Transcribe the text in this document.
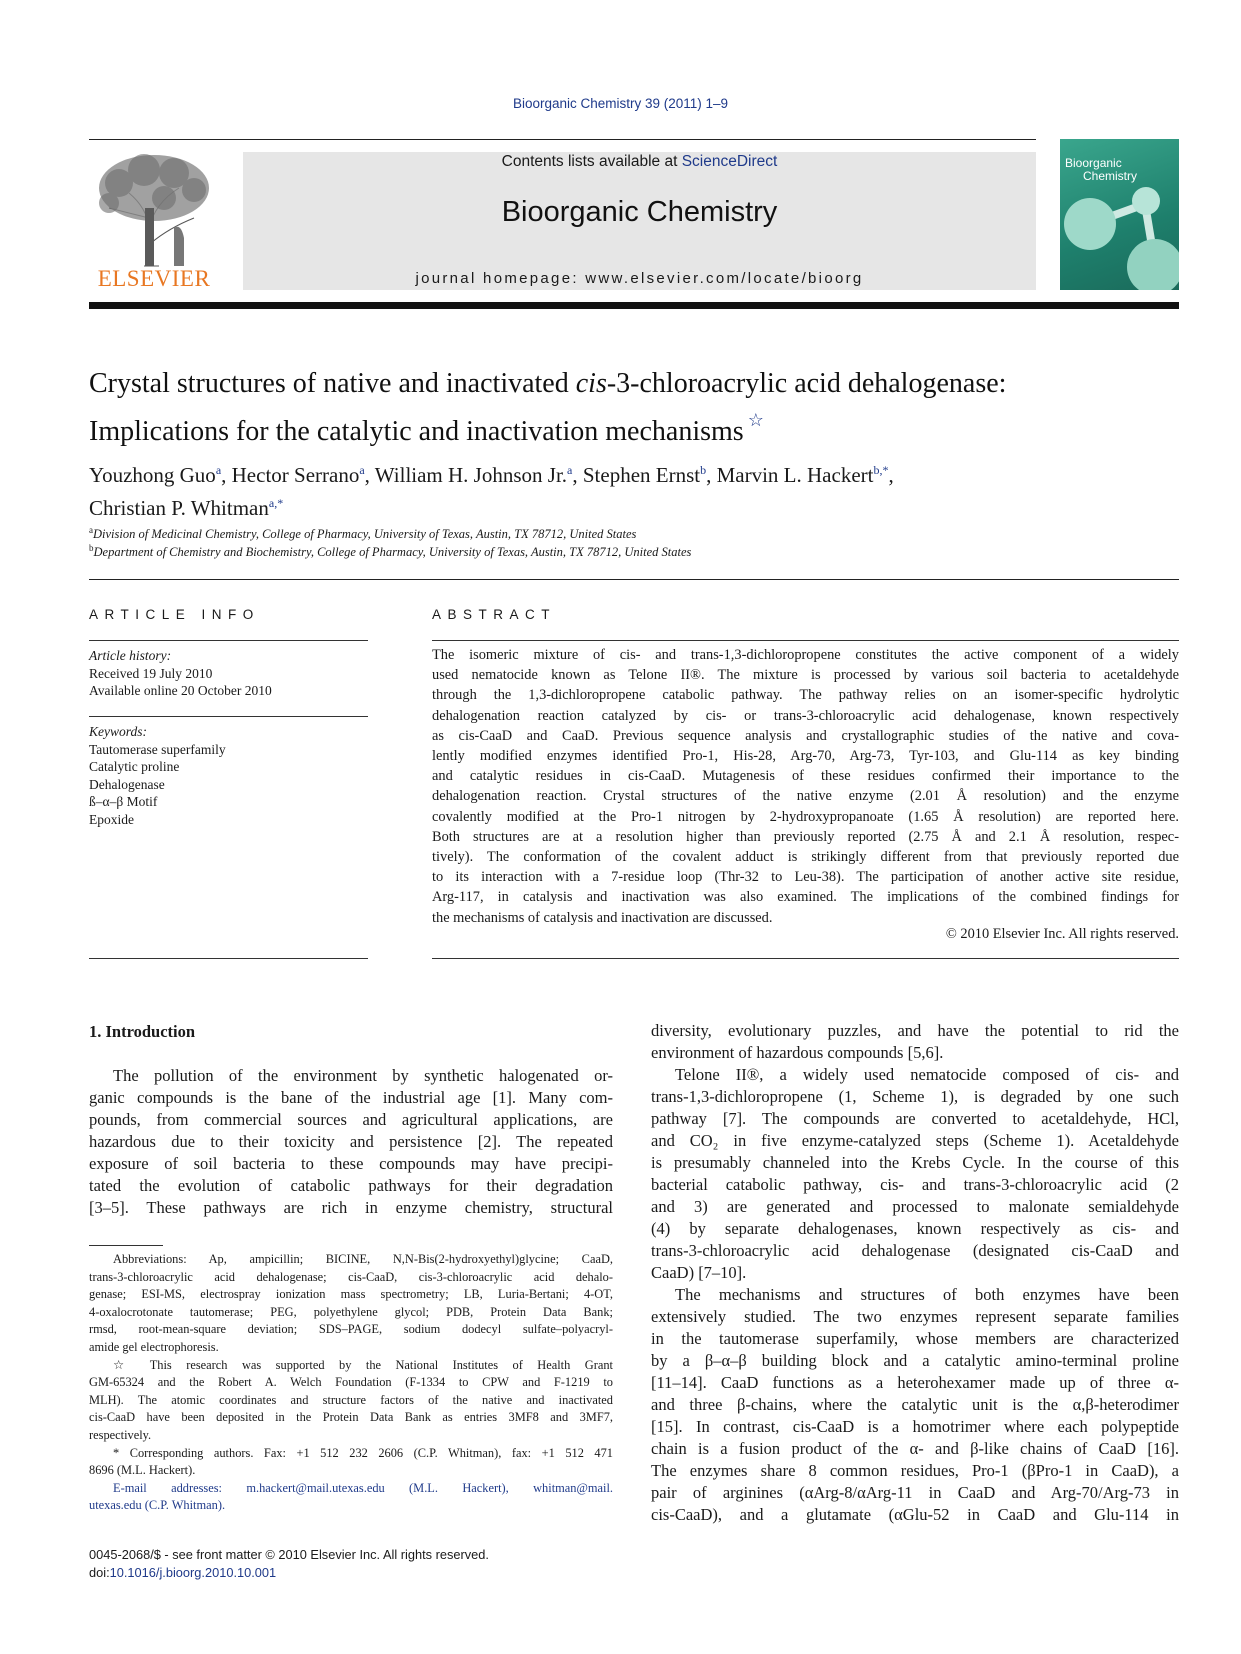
Bioorganic Chemistry 39 (2011) 1–9
ELSEVIER
Contents lists available at ScienceDirect
Bioorganic Chemistry
journal homepage: www.elsevier.com/locate/bioorg
Bioorganic
Chemistry
Crystal structures of native and inactivated cis-3-chloroacrylic acid dehalogenase:
Implications for the catalytic and inactivation mechanisms ☆
Youzhong Guo$^a$, Hector Serrano$^a$, William H. Johnson Jr.$^a$, Stephen Ernst$^b$, Marvin L. Hackert$^{b,*}$,
Christian P. Whitman$^{a,*}$
$^a$Division of Medicinal Chemistry, College of Pharmacy, University of Texas, Austin, TX 78712, United States
$^b$Department of Chemistry and Biochemistry, College of Pharmacy, University of Texas, Austin, TX 78712, United States
ARTICLE INFO
Article history:
Received 19 July 2010
Available online 20 October 2010
Keywords:
Tautomerase superfamily
Catalytic proline
Dehalogenase
ß–α–β Motif
Epoxide
ABSTRACT
The isomeric mixture of cis- and trans-1,3-dichloropropene constitutes the active component of a widely
used nematocide known as Telone II®. The mixture is processed by various soil bacteria to acetaldehyde
through the 1,3-dichloropropene catabolic pathway. The pathway relies on an isomer-specific hydrolytic
dehalogenation reaction catalyzed by cis- or trans-3-chloroacrylic acid dehalogenase, known respectively
as cis-CaaD and CaaD. Previous sequence analysis and crystallographic studies of the native and cova-
lently modified enzymes identified Pro-1, His-28, Arg-70, Arg-73, Tyr-103, and Glu-114 as key binding
and catalytic residues in cis-CaaD. Mutagenesis of these residues confirmed their importance to the
dehalogenation reaction. Crystal structures of the native enzyme (2.01 Å resolution) and the enzyme
covalently modified at the Pro-1 nitrogen by 2-hydroxypropanoate (1.65 Å resolution) are reported here.
Both structures are at a resolution higher than previously reported (2.75 Å and 2.1 Å resolution, respec-
tively). The conformation of the covalent adduct is strikingly different from that previously reported due
to its interaction with a 7-residue loop (Thr-32 to Leu-38). The participation of another active site residue,
Arg-117, in catalysis and inactivation was also examined. The implications of the combined findings for
the mechanisms of catalysis and inactivation are discussed.
© 2010 Elsevier Inc. All rights reserved.
1. Introduction
The pollution of the environment by synthetic halogenated or-
ganic compounds is the bane of the industrial age [1]. Many com-
pounds, from commercial sources and agricultural applications, are
hazardous due to their toxicity and persistence [2]. The repeated
exposure of soil bacteria to these compounds may have precipi-
tated the evolution of catabolic pathways for their degradation
[3–5]. These pathways are rich in enzyme chemistry, structural
diversity, evolutionary puzzles, and have the potential to rid the
environment of hazardous compounds [5,6].
Telone II®, a widely used nematocide composed of cis- and
trans-1,3-dichloropropene (1, Scheme 1), is degraded by one such
pathway [7]. The compounds are converted to acetaldehyde, HCl,
and CO₂ in five enzyme-catalyzed steps (Scheme 1). Acetaldehyde
is presumably channeled into the Krebs Cycle. In the course of this
bacterial catabolic pathway, cis- and trans-3-chloroacrylic acid (2
and 3) are generated and processed to malonate semialdehyde
(4) by separate dehalogenases, known respectively as cis- and
trans-3-chloroacrylic acid dehalogenase (designated cis-CaaD and
CaaD) [7–10].
The mechanisms and structures of both enzymes have been
extensively studied. The two enzymes represent separate families
in the tautomerase superfamily, whose members are characterized
by a β–α–β building block and a catalytic amino-terminal proline
[11–14]. CaaD functions as a heterohexamer made up of three α-
and three β-chains, where the catalytic unit is the α,β-heterodimer
[15]. In contrast, cis-CaaD is a homotrimer where each polypeptide
chain is a fusion product of the α- and β-like chains of CaaD [16].
The enzymes share 8 common residues, Pro-1 (βPro-1 in CaaD), a
pair of arginines (αArg-8/αArg-11 in CaaD and Arg-70/Arg-73 in
cis-CaaD), and a glutamate (αGlu-52 in CaaD and Glu-114 in
Abbreviations: Ap, ampicillin; BICINE, N,N-Bis(2-hydroxyethyl)glycine; CaaD,
trans-3-chloroacrylic acid dehalogenase; cis-CaaD, cis-3-chloroacrylic acid dehalo-
genase; ESI-MS, electrospray ionization mass spectrometry; LB, Luria-Bertani; 4-OT,
4-oxalocrotonate tautomerase; PEG, polyethylene glycol; PDB, Protein Data Bank;
rmsd, root-mean-square deviation; SDS–PAGE, sodium dodecyl sulfate–polyacryl-
amide gel electrophoresis.
☆ This research was supported by the National Institutes of Health Grant
GM-65324 and the Robert A. Welch Foundation (F-1334 to CPW and F-1219 to
MLH). The atomic coordinates and structure factors of the native and inactivated
cis-CaaD have been deposited in the Protein Data Bank as entries 3MF8 and 3MF7,
respectively.
* Corresponding authors. Fax: +1 512 232 2606 (C.P. Whitman), fax: +1 512 471
8696 (M.L. Hackert).
E-mail addresses: m.hackert@mail.utexas.edu (M.L. Hackert), whitman@mail.
utexas.edu (C.P. Whitman).
0045-2068/$ - see front matter © 2010 Elsevier Inc. All rights reserved.
doi:10.1016/j.bioorg.2010.10.001
